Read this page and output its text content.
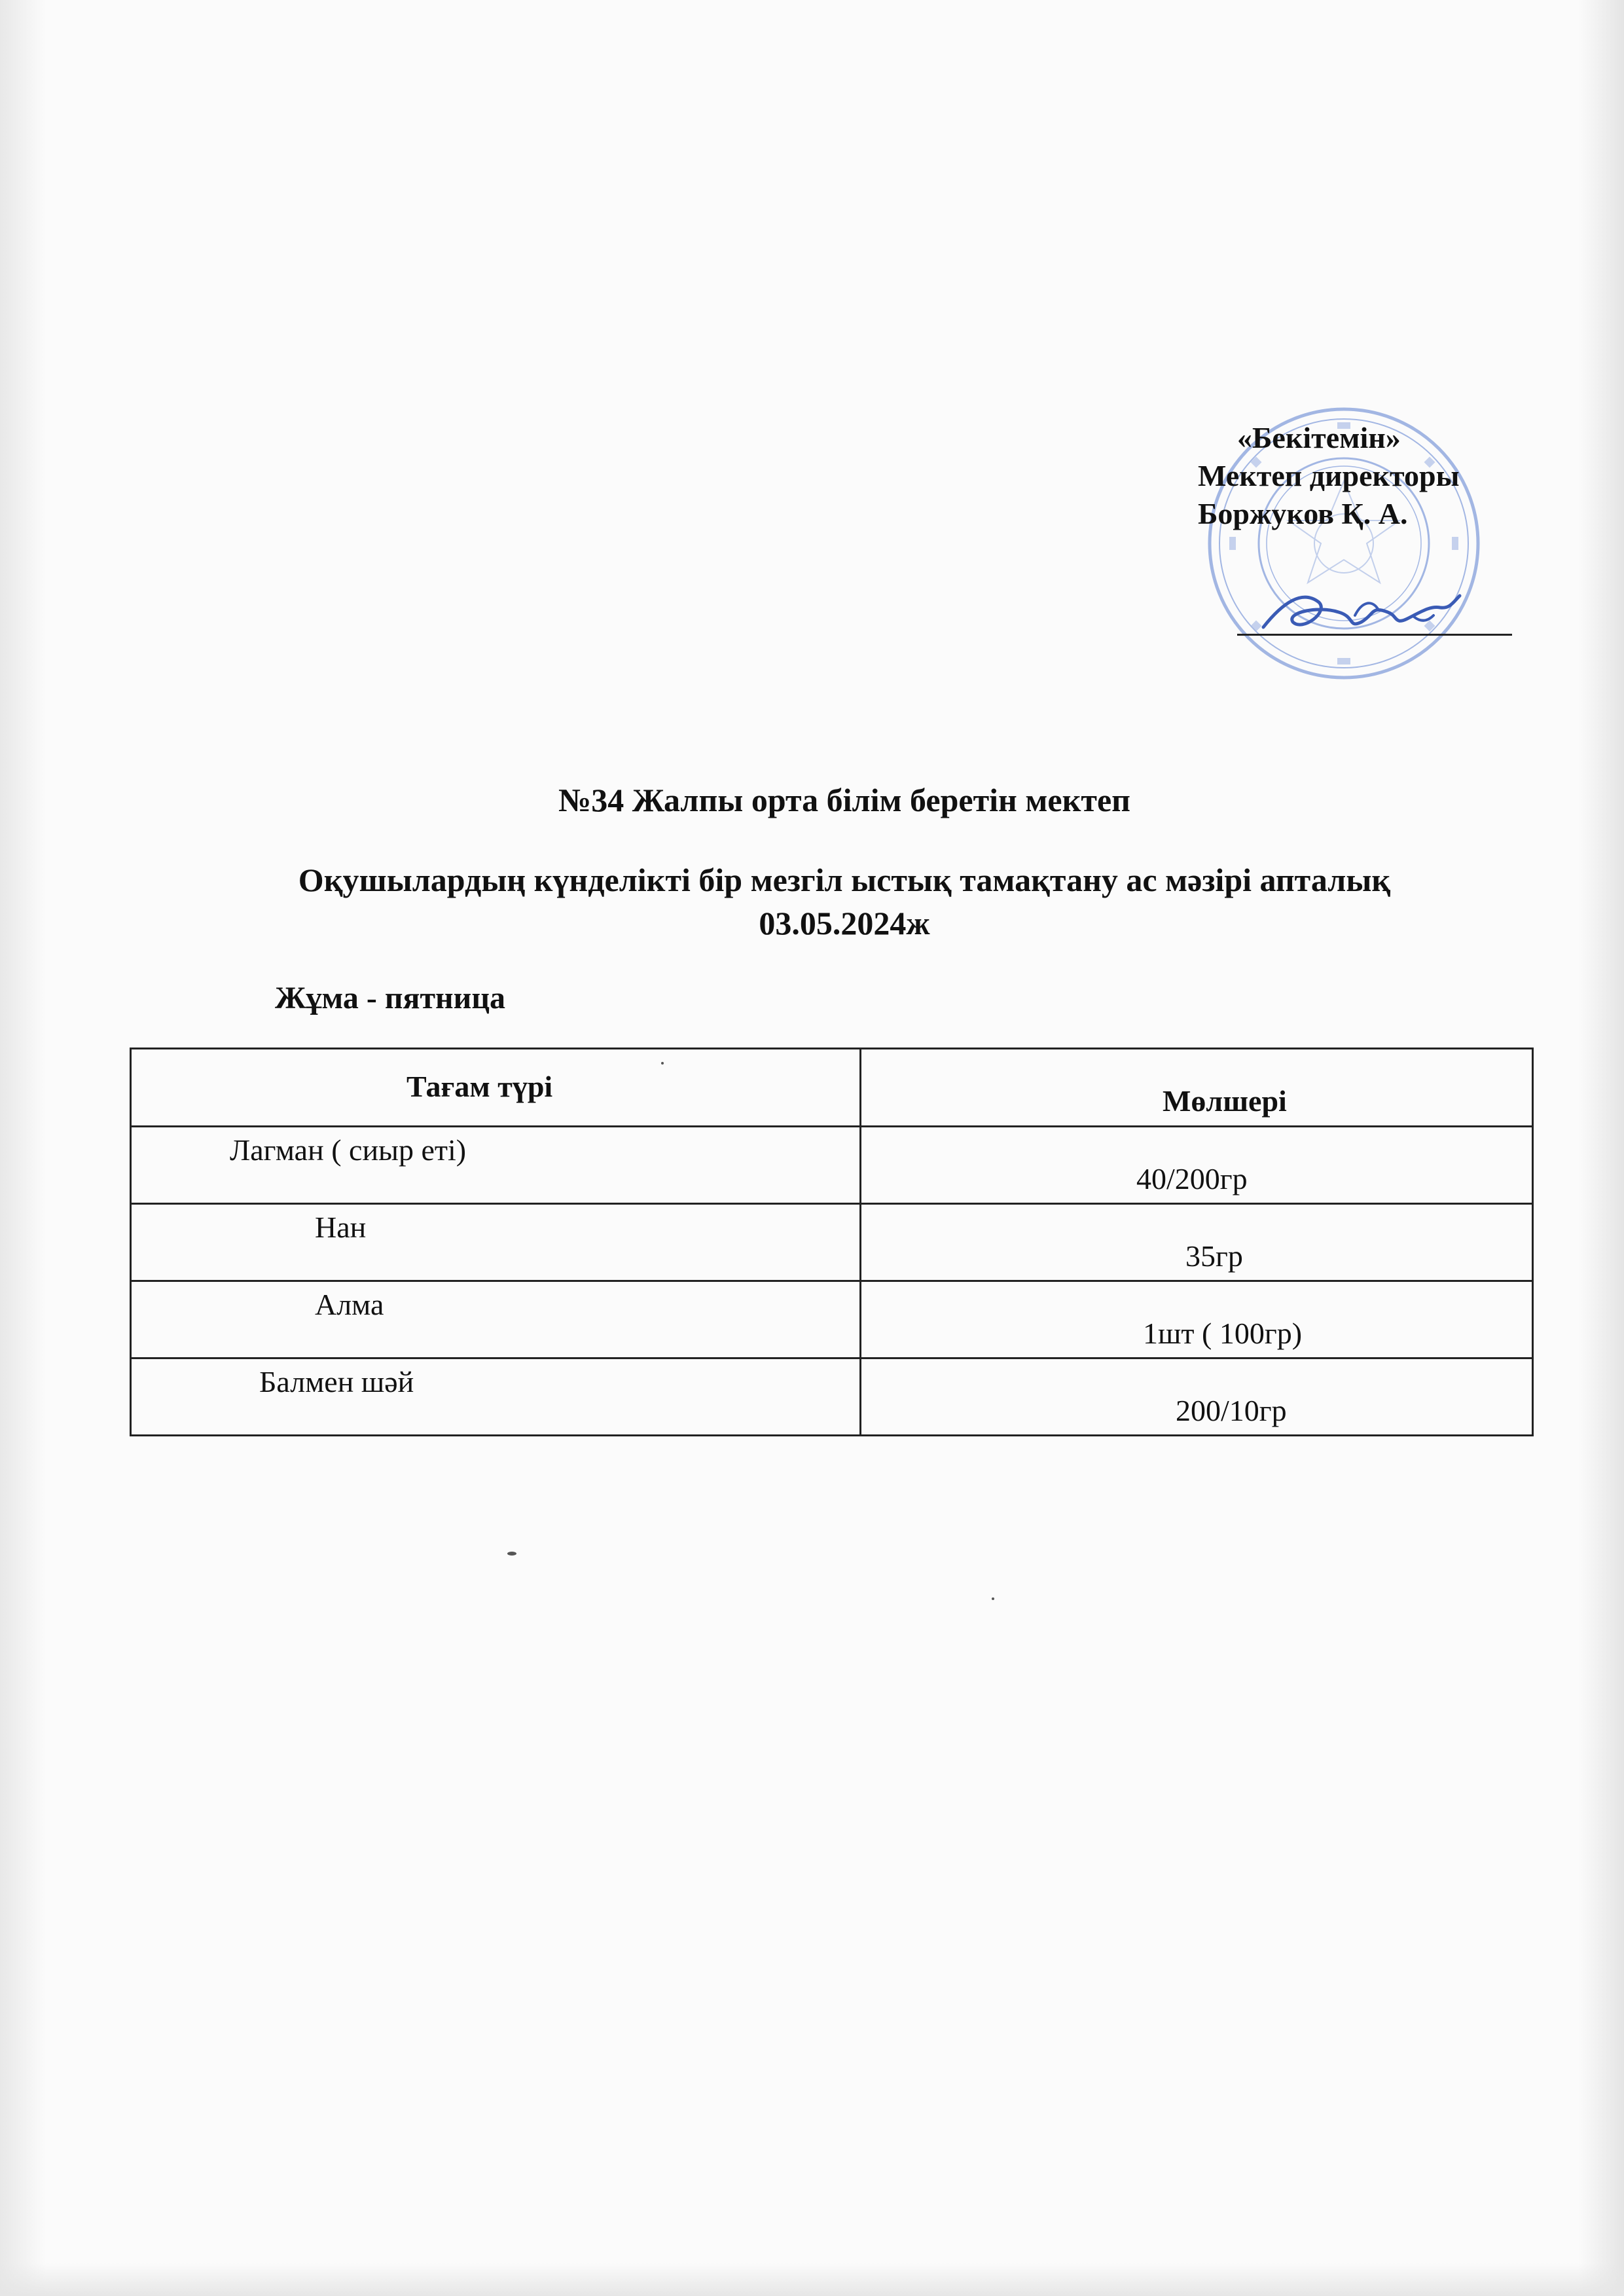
«Бекітемін»
Мектеп директоры
Боржуков Қ. А.
№34 Жалпы орта білім беретін мектеп
Оқушылардың күнделікті бір мезгіл ыстық тамақтану ас мәзірі апталық
03.05.2024ж
Жұма - пятница
Тағам түрі	Мөлшері
Лагман ( сиыр еті)
40/200гр
Нан
35гр
Алма
1шт ( 100гр)
Балмен шәй
200/10гр
